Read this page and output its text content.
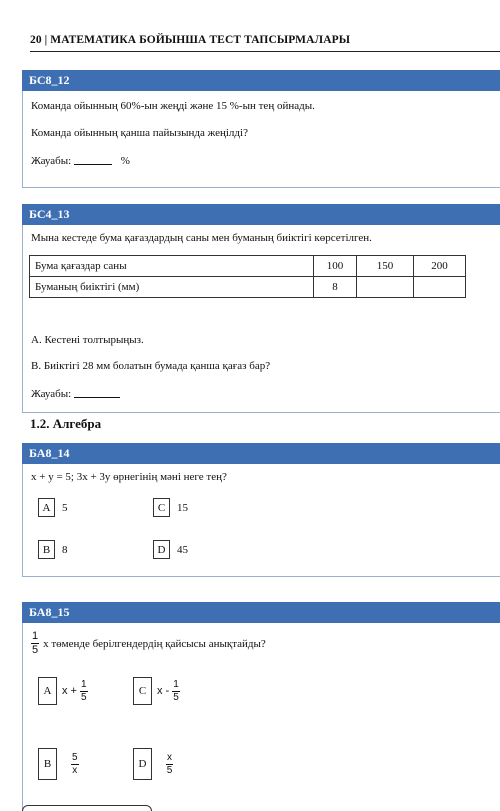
20 | МАТЕМАТИКА БОЙЫНША ТЕСТ ТАПСЫРМАЛАРЫ
БС8_12
Команда ойынның 60%-ын жеңді және 15 %-ын тең ойнады.
Команда ойынның қанша пайызында жеңілді?
Жауабы:	%
БС4_13
Мына кестеде бума қағаздардың саны мен буманың биіктігі көрсетілген.
Бума қағаздар саны	100	150	200
Буманың биіктігі (мм)	8		
А. Кестені толтырыңыз.
В. Биіктігі 28 мм болатын бумада қанша қағаз бар?
Жауабы:
1.2. Алгебра
БА8_14
x + y = 5; 3x + 3y өрнегінің мәні неге тең?
A	5	C	15
B	8	D	45
БА8_15
$\frac{1}{5}$ x төменде берілгендердің қайсысы анықтайды?
A $x + \frac{1}{5}$	C x - $\frac{1}{5}$
B	$\frac{5}{x}$	D	$\frac{x}{5}$
